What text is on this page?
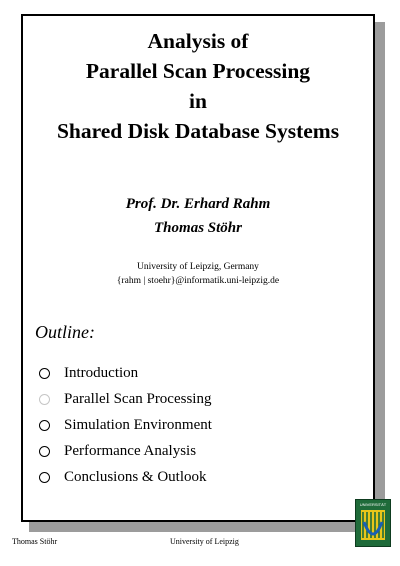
Analysis of
Parallel Scan Processing
in
Shared Disk Database Systems
Prof. Dr. Erhard Rahm
Thomas Stöhr
University of Leipzig, Germany
{rahm | stoehr}@informatik.uni-leipzig.de
Outline:
Introduction
Parallel Scan Processing
Simulation Environment
Performance Analysis
Conclusions & Outlook
UNIVERSITÄT
Thomas Stöhr	University of Leipzig
